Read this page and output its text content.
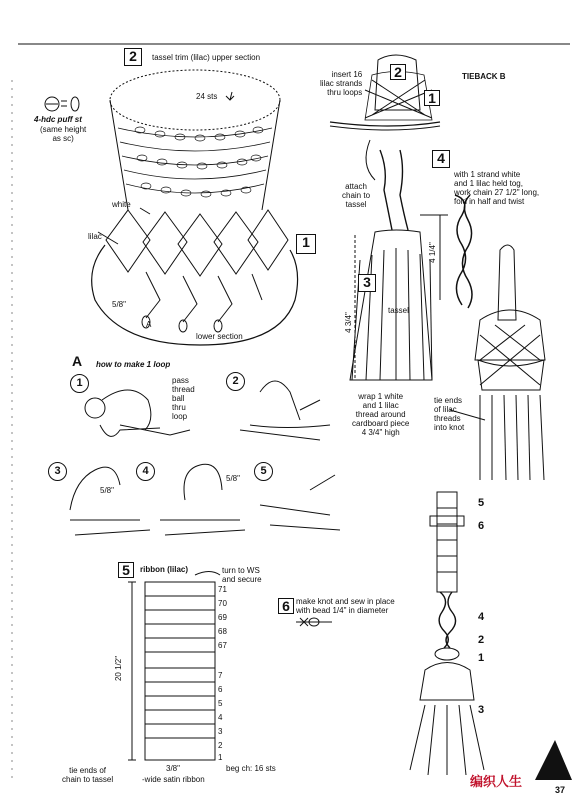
2	tassel trim (lilac) upper section
24 sts
4-hdc puff st
(same height
as sc)
white
lilac
lower section
5/8"
A
1
TIEBACK B
insert 16
lilac strands
thru loops
2
1
attach
chain to
tassel
3
tassel
4 3/4"
wrap 1 white
and 1 lilac
thread around
cardboard piece
4 3/4" high
4
with 1 strand white
and 1 lilac held tog,
work chain 27 1/2" long,
fold in half and twist
4 1/4"
tie ends
of lilac
threads
into knot
A how to make 1 loop
1	pass
thread
ball
thru
loop
2
3
5/8"
4
5/8"
5
5	ribbon (lilac)	turn to WS
and secure
71
70
69
68
67
7
6
5
4
3
2
1
20 1/2"
tie ends of
chain to tassel
3/8"	beg ch: 16 sts
-wide satin ribbon
6 make knot and sew in place
with bead 1/4" in diameter
5
6
4
2
1
3
编织人生
37
